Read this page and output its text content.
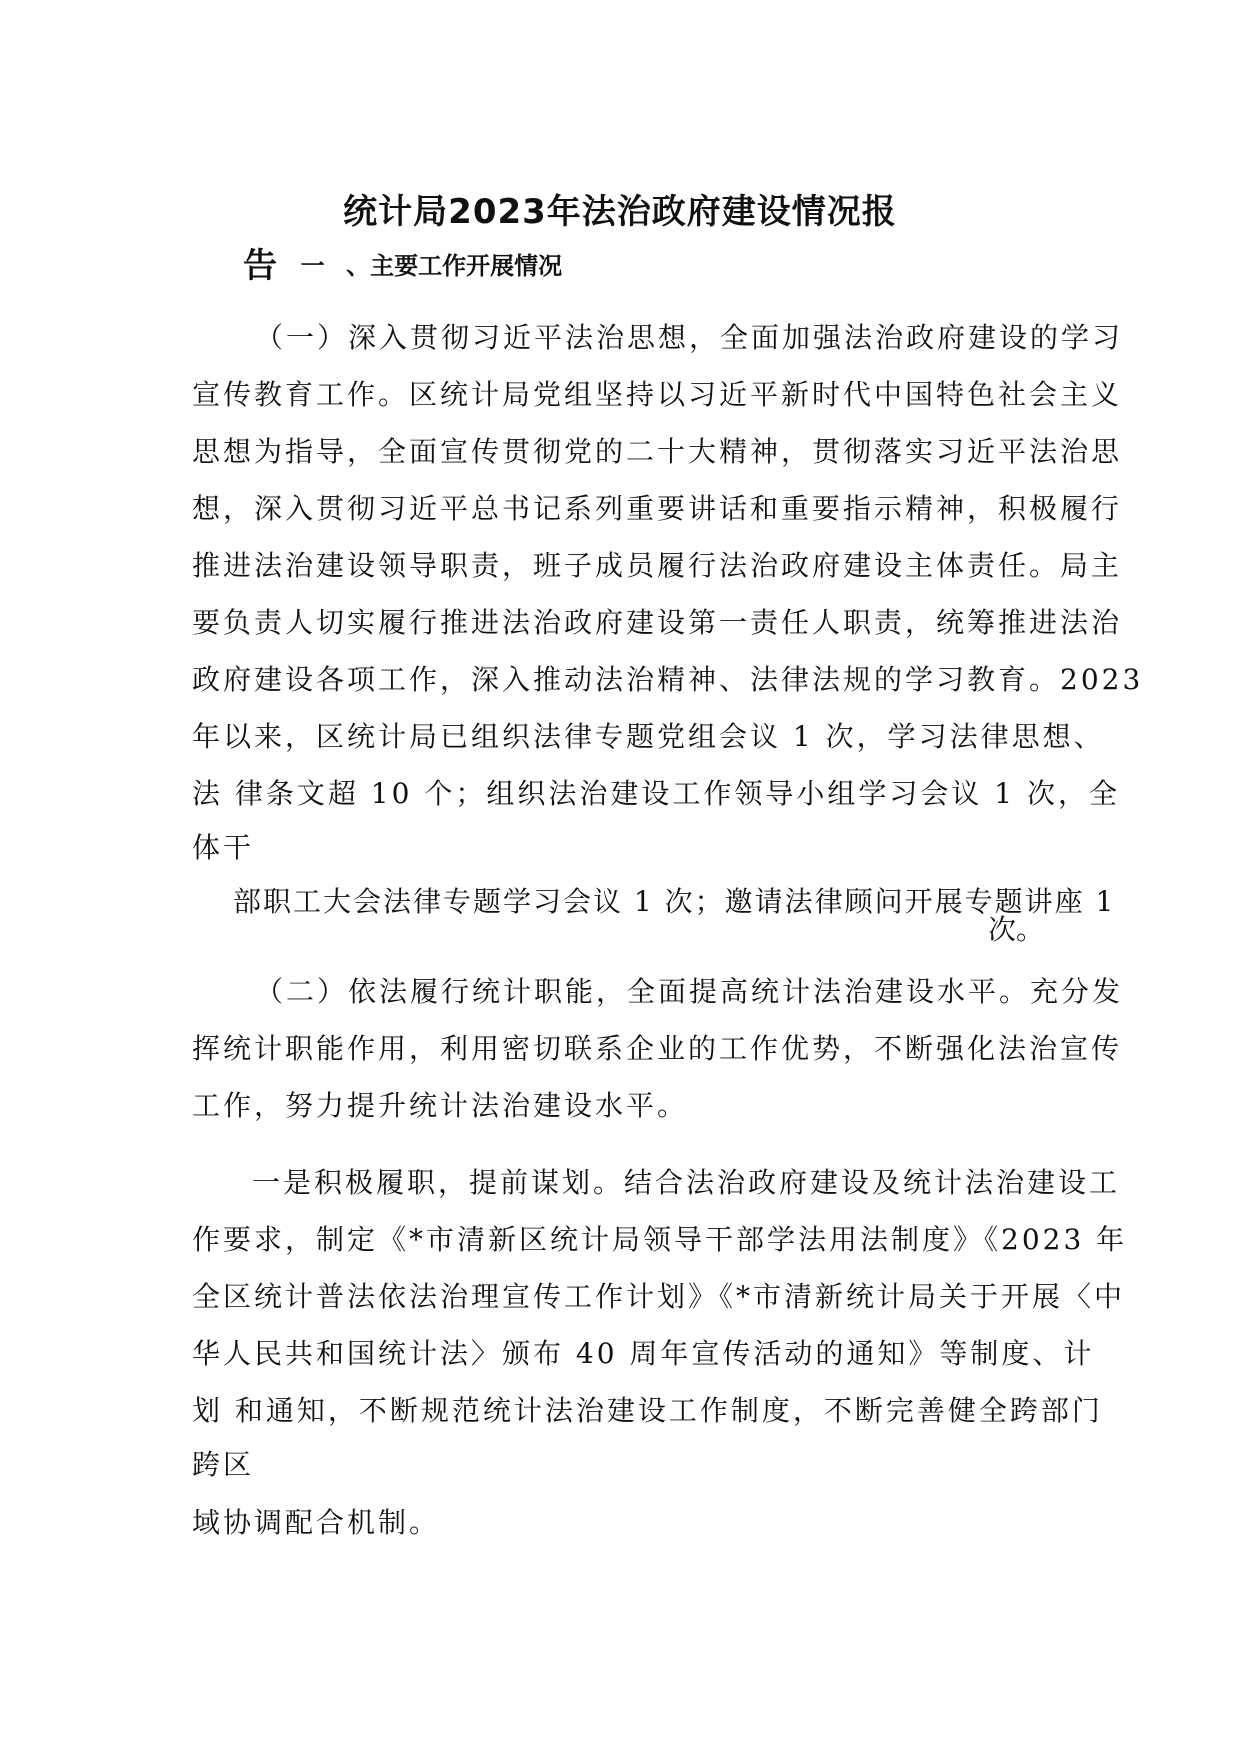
统计局2023年法治政府建设情况报
告 一 、主要工作开展情况
（一）深入贯彻习近平法治思想，全面加强法治政府建设的学习
宣传教育工作。区统计局党组坚持以习近平新时代中国特色社会主义
思想为指导，全面宣传贯彻党的二十大精神，贯彻落实习近平法治思
想，深入贯彻习近平总书记系列重要讲话和重要指示精神，积极履行
推进法治建设领导职责，班子成员履行法治政府建设主体责任。局主
要负责人切实履行推进法治政府建设第一责任人职责，统筹推进法治
政府建设各项工作，深入推动法治精神、法律法规的学习教育。2023
年以来，区统计局已组织法律专题党组会议 1 次，学习法律思想、
法 律条文超 10 个；组织法治建设工作领导小组学习会议 1 次，全
体干
部职工大会法律专题学习会议 1 次；邀请法律顾问开展专题讲座 1
次。
（二）依法履行统计职能，全面提高统计法治建设水平。充分发
挥统计职能作用，利用密切联系企业的工作优势，不断强化法治宣传
工作，努力提升统计法治建设水平。
一是积极履职，提前谋划。结合法治政府建设及统计法治建设工
作要求，制定《*市清新区统计局领导干部学法用法制度》《2023 年
全区统计普法依法治理宣传工作计划》《*市清新统计局关于开展〈中
华人民共和国统计法〉颁布 40 周年宣传活动的通知》等制度、计
划 和通知，不断规范统计法治建设工作制度，不断完善健全跨部门
跨区
域协调配合机制。
